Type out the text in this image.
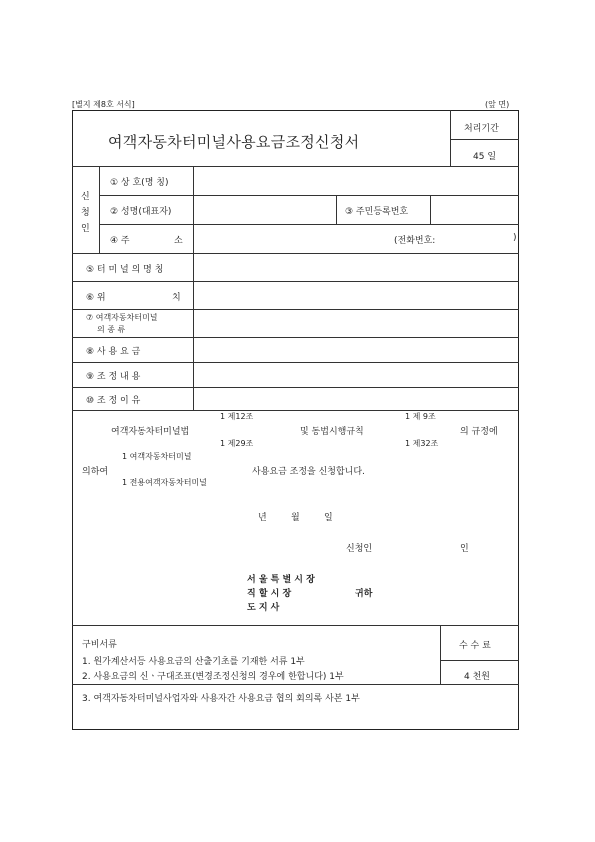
[별지 제8호 서식]	(앞 면)
여객자동차터미널사용요금조정신청서
처리기간
45 일
신
청
인
① 상 호(명 칭)
② 성명(대표자)	③ 주민등록번호
④ 주	소	(전화번호:	)
⑤ 터 미 널 의 명 칭
⑥ 위	치
⑦ 여객자동차터미널
의 종 류
⑧ 사 용 요 금
⑨ 조 정 내 용
⑩ 조 정 이 유
1 제12조	1 제 9조
여객자동차터미널법	및 동법시행규칙	의 규정에
1 제29조	1 제32조
1 여객자동차터미널
의하여	사용요금 조정을 신청합니다.
1 전용여객자동차터미널
년	월	일
신청인	인
서 울 특 별 시 장
직 할 시 장
도 지 사
귀하
구비서류
1. 원가계산서등 사용요금의 산출기초를 기재한 서류 1부
2. 사용요금의 신ㆍ구대조표(변경조정신청의 경우에 한합니다) 1부
3. 여객자동차터미널사업자와 사용자간 사용요금 협의 회의록 사본 1부
수 수 료
4 천원
